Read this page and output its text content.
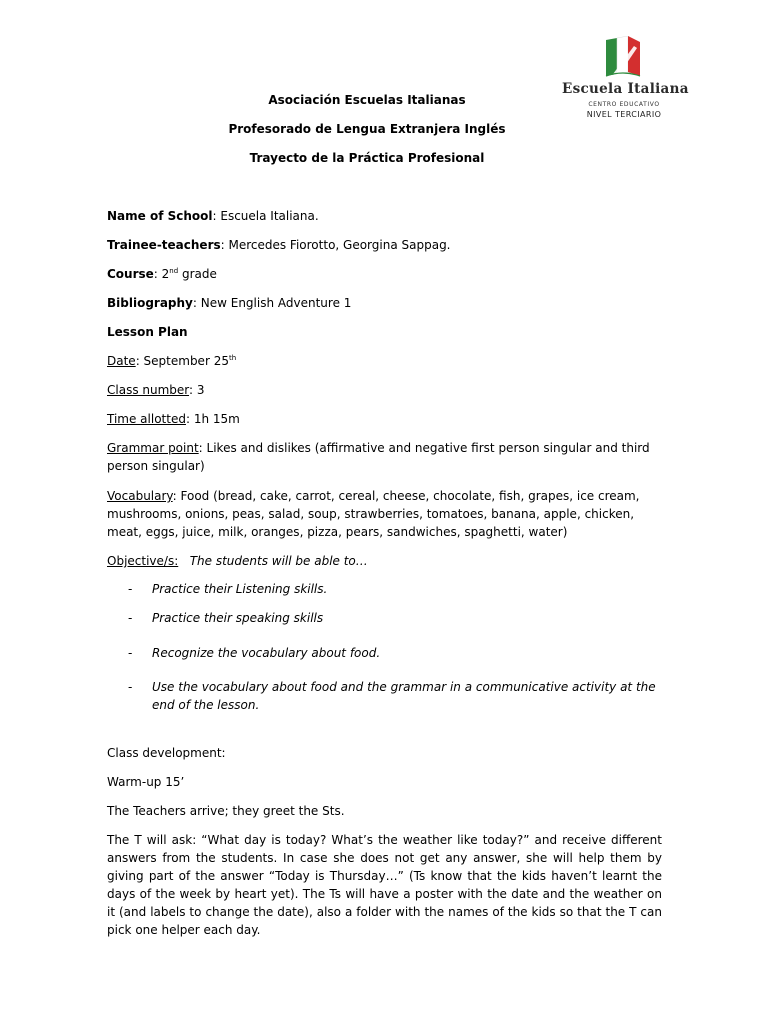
Escuela Italiana
CENTRO EDUCATIVO
NIVEL TERCIARIO
Asociación Escuelas Italianas
Profesorado de Lengua Extranjera Inglés
Trayecto de la Práctica Profesional
Name of School: Escuela Italiana.
Trainee-teachers: Mercedes Fiorotto, Georgina Sappag.
Course: 2nd grade
Bibliography: New English Adventure 1
Lesson Plan
Date: September 25th
Class number: 3
Time allotted: 1h 15m
Grammar point: Likes and dislikes (affirmative and negative first person singular and third person singular)
Vocabulary: Food (bread, cake, carrot, cereal, cheese, chocolate, fish, grapes, ice cream, mushrooms, onions, peas, salad, soup, strawberries, tomatoes, banana, apple, chicken, meat, eggs, juice, milk, oranges, pizza, pears, sandwiches, spaghetti, water)
Objective/s: The students will be able to…
- Practice their Listening skills.
- Practice their speaking skills
- Recognize the vocabulary about food.
- Use the vocabulary about food and the grammar in a communicative activity at the end of the lesson.
Class development:
Warm-up 15’
The Teachers arrive; they greet the Sts.
The T will ask: “What day is today? What’s the weather like today?” and receive different answers from the students. In case she does not get any answer, she will help them by giving part of the answer “Today is Thursday…” (Ts know that the kids haven’t learnt the days of the week by heart yet). The Ts will have a poster with the date and the weather on it (and labels to change the date), also a folder with the names of the kids so that the T can pick one helper each day.
